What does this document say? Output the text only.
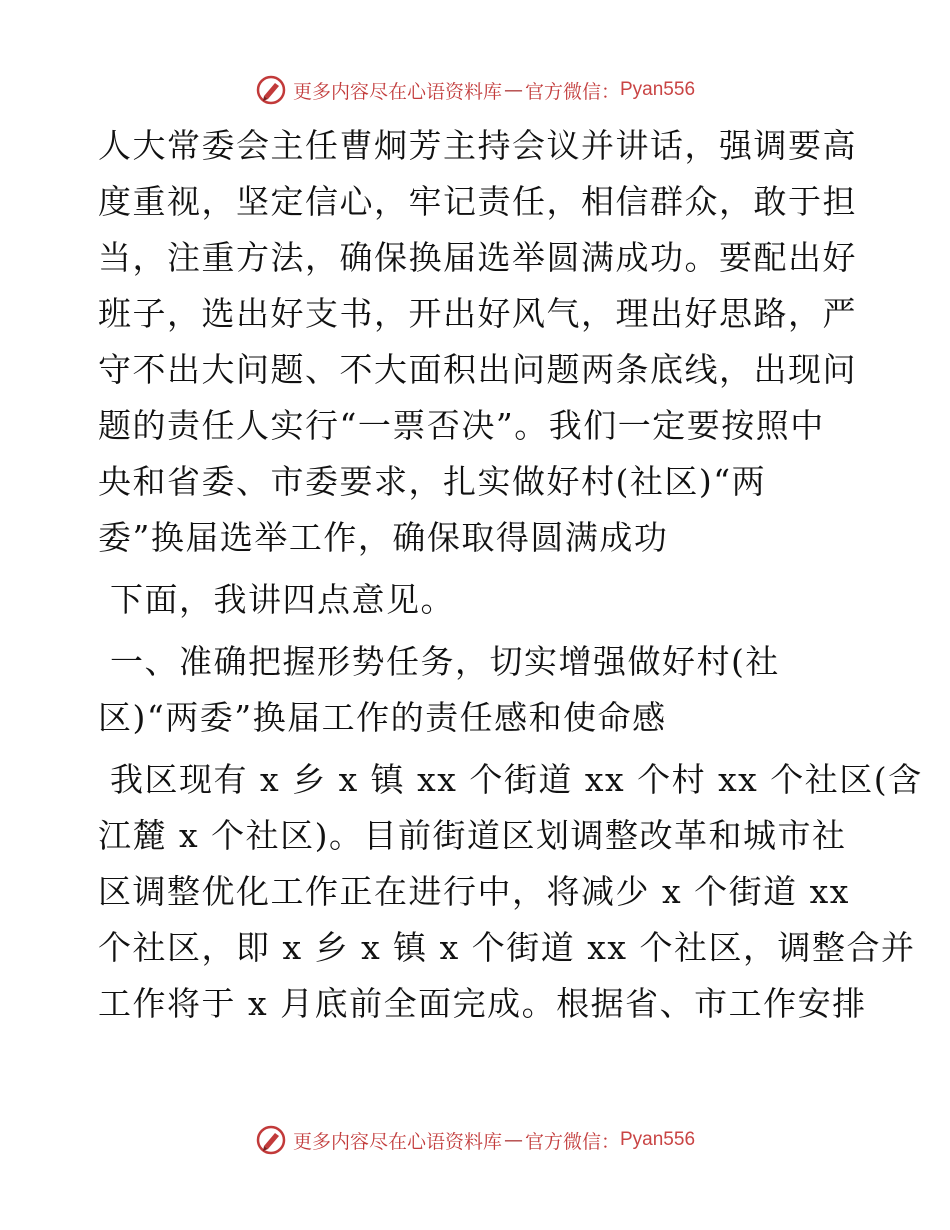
更多内容尽在心语资料库 — 官方微信： Pyan556

人大常委会主任曹炯芳主持会议并讲话，强调要高

度重视，坚定信心，牢记责任，相信群众，敢于担

当，注重方法，确保换届选举圆满成功。要配出好

班子，选出好支书，开出好风气，理出好思路，严

守不出大问题、不大面积出问题两条底线，出现问

题的责任人实行“一票否决”。我们一定要按照中

央和省委、市委要求，扎实做好村(社区)“两

委”换届选举工作，确保取得圆满成功

下面，我讲四点意见。

一、准确把握形势任务，切实增强做好村(社

区)“两委”换届工作的责任感和使命感

我区现有 x 乡 x 镇 xx 个街道 xx 个村 xx 个社区(含

江麓 x 个社区)。目前街道区划调整改革和城市社

区调整优化工作正在进行中，将减少 x 个街道 xx

个社区，即 x 乡 x 镇 x 个街道 xx 个社区，调整合并

工作将于 x 月底前全面完成。根据省、市工作安排

更多内容尽在心语资料库 — 官方微信： Pyan556
